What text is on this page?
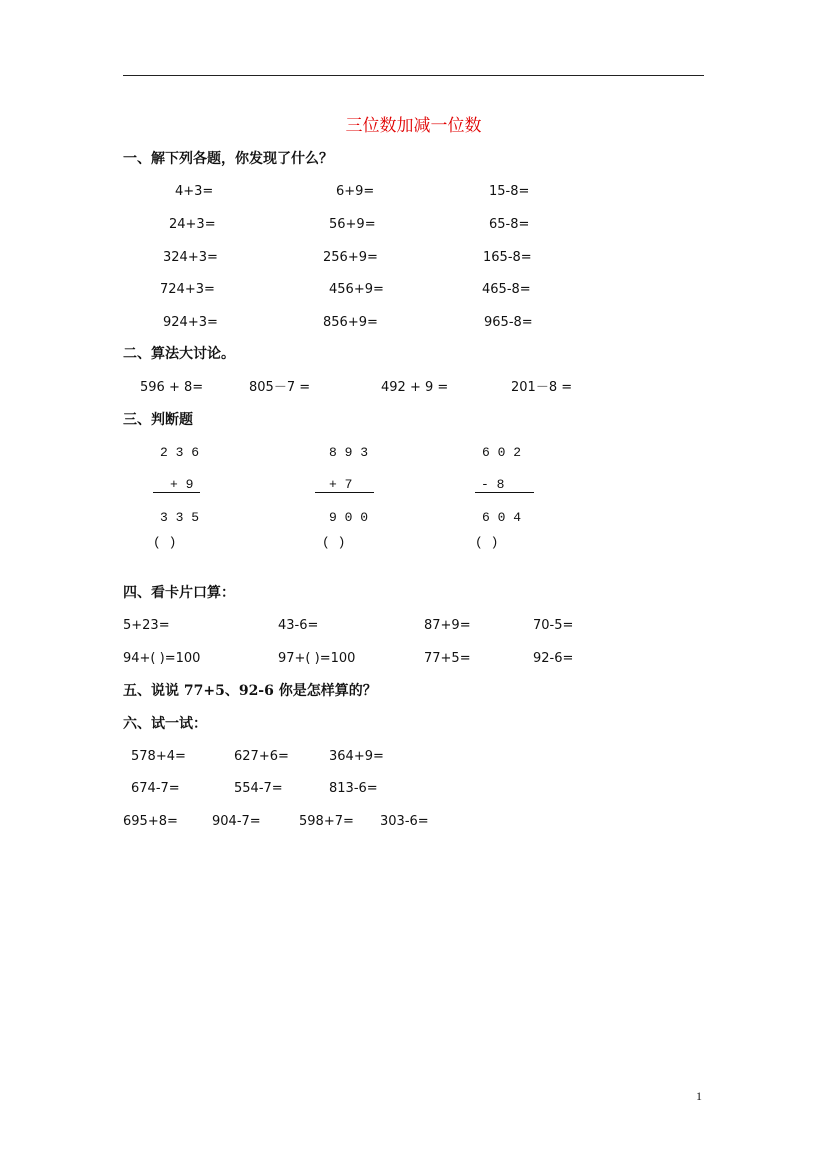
三位数加减一位数
一、解下列各题，你发现了什么？
4+3=	6+9=	15-8=
24+3=	56+9=	65-8=
324+3=	256+9=	165-8=
724+3=	456+9=	465-8=
924+3=	856+9=	965-8=
二、算法大讨论。
596 + 8=	805－7 =	492 + 9 =	201－8 =
三、判断题
2 3 6
+ 9
3 3 5
( )
8 9 3
+ 7
9 0 0
( )
6 0 2
- 8
6 0 4
( )
四、看卡片口算：
5+23=	43-6=	87+9=	70-5=
94+( )=100	97+( )=100	77+5=	92-6=
五、说说 77+5、92-6 你是怎样算的？
六、试一试：
578+4=	627+6=	364+9=
674-7=	554-7=	813-6=
695+8=	904-7=	598+7= 303-6=
1
